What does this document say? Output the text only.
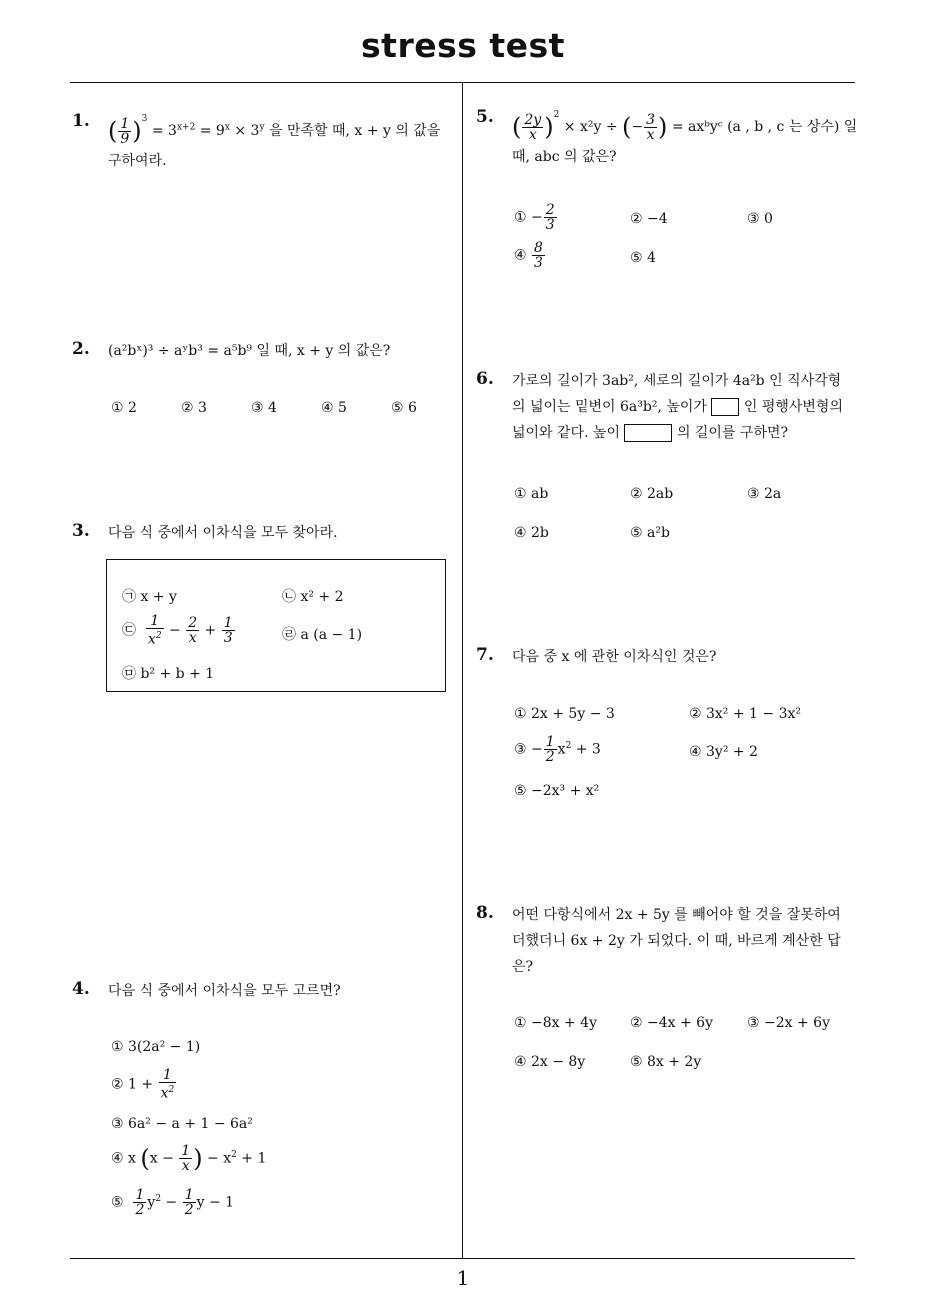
stress test
1
1. ( $\frac{1}{9} )^3 = 3^{x+2} = 9^x \times 3^y$ 을 만족할 때, x + y 의 값을
구하여라.
2. (a²bˣ)³ ÷ aʸb³ = a⁵b⁹ 일 때, x + y 의 값은?
① 2	② 3	③ 4	④ 5	⑤ 6
3. 다음 식 중에서 이차식을 모두 찾아라.
㉠ x + y	㉡ x² + 2
㉢ $\frac{1}{x^2} - \frac{2}{x} + \frac{1}{3}$	㉣ a (a − 1)
㉤ b² + b + 1
4. 다음 식 중에서 이차식을 모두 고르면?
① 3(2a² − 1)
② $1 + \frac{1}{x^2}$
③ 6a² − a + 1 − 6a²
④ x ($x - \frac{1}{x}$ ) − $x^2 + 1$
⑤ $\frac{1}{2} y^2 - \frac{1}{2}$ y − 1
5. ( $\frac{2y}{x} )^2 \times x^2y$ ÷ (− $\frac{3}{x}$ ) = axᵇyᶜ (a , b , c 는 상수) 일
때, abc 의 값은?
① − $\frac{2}{3}$	② −4	③ 0
④ $\frac{8}{3}$	⑤ 4
6. 가로의 길이가 3ab², 세로의 길이가 4a²b 인 직사각형
의 넓이는 밑변이 6a³b², 높이가	인 평행사변형의
넓이와 같다. 높이	의 길이를 구하면?
① ab	② 2ab	③ 2a
④ 2b	⑤ a²b
7. 다음 중 x 에 관한 이차식인 것은?
① 2x + 5y − 3	② 3x² + 1 − 3x²
③ − $\frac{1}{2} x^2 + 3$	④ 3y² + 2
⑤ −2x³ + x²
8. 어떤 다항식에서 2x + 5y 를 빼어야 할 것을 잘못하여
더했더니 6x + 2y 가 되었다. 이 때, 바르게 계산한 답
은?
① −8x + 4y ② −4x + 6y ③ −2x + 6y
④ 2x − 8y	⑤ 8x + 2y
